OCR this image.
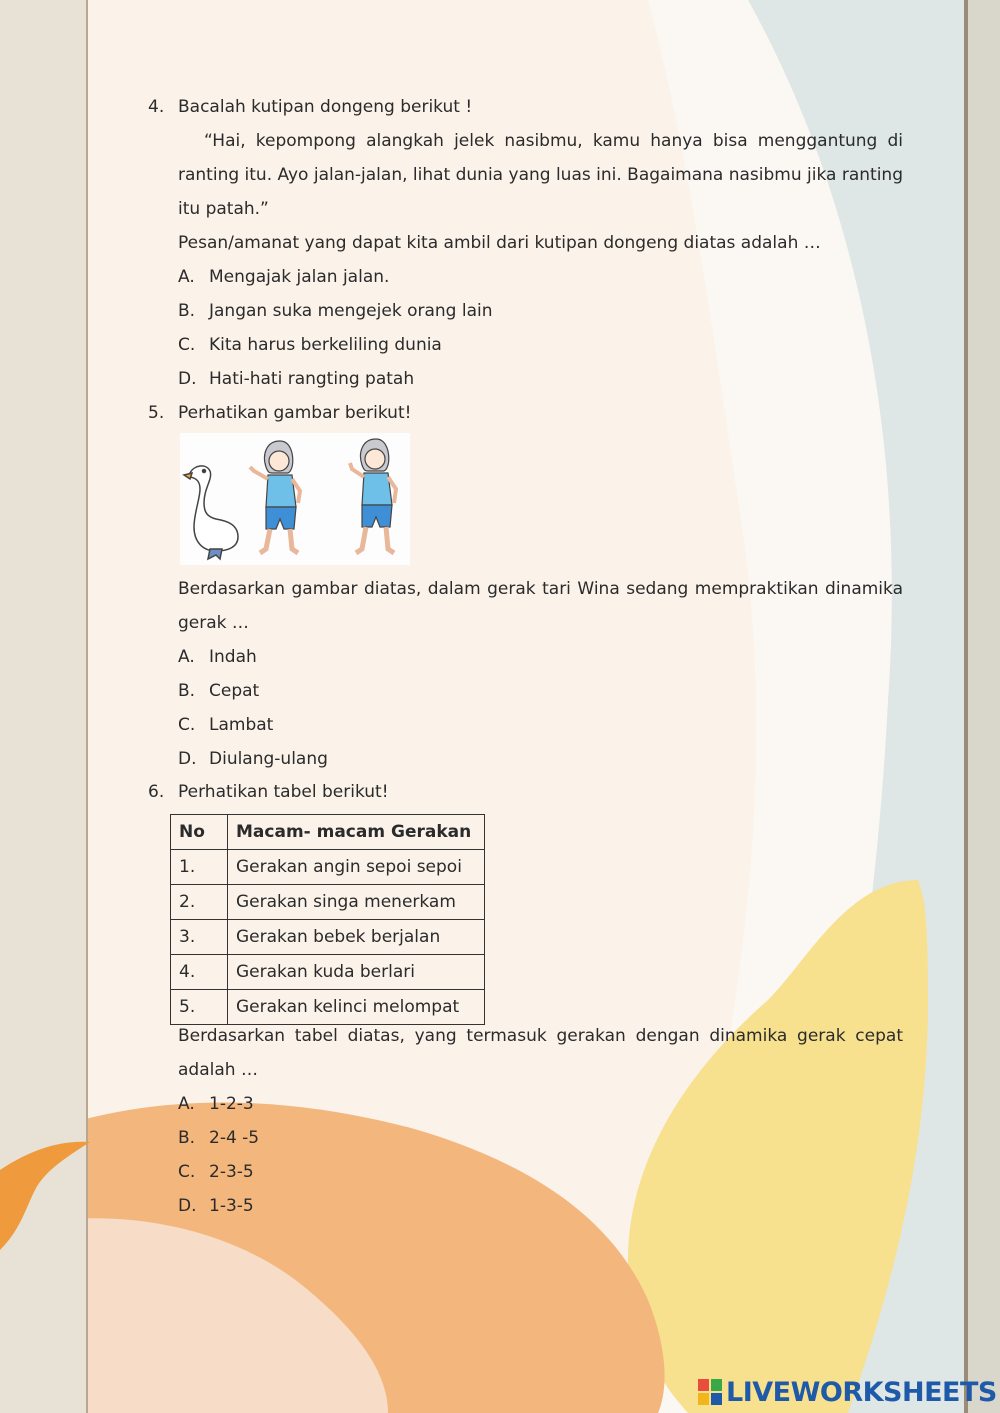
4. Bacalah kutipan dongeng berikut !
“Hai, kepompong alangkah jelek nasibmu, kamu hanya bisa menggantung di ranting itu. Ayo jalan-jalan, lihat dunia yang luas ini. Bagaimana nasibmu jika ranting itu patah.”
Pesan/amanat yang dapat kita ambil dari kutipan dongeng diatas adalah …
A. Mengajak jalan jalan.
B. Jangan suka mengejek orang lain
C. Kita harus berkeliling dunia
D. Hati-hati rangting patah
5. Perhatikan gambar berikut!
Berdasarkan gambar diatas, dalam gerak tari Wina sedang mempraktikan dinamika gerak …
A. Indah
B. Cepat
C. Lambat
D. Diulang-ulang
6. Perhatikan tabel berikut!
No	Macam- macam Gerakan
1.	Gerakan angin sepoi sepoi
2.	Gerakan singa menerkam
3.	Gerakan bebek berjalan
4.	Gerakan kuda berlari
5.	Gerakan kelinci melompat
Berdasarkan tabel diatas, yang termasuk gerakan dengan dinamika gerak cepat adalah …
A. 1-2-3
B. 2-4 -5
C. 2-3-5
D. 1-3-5
LIVEWORKSHEETS
